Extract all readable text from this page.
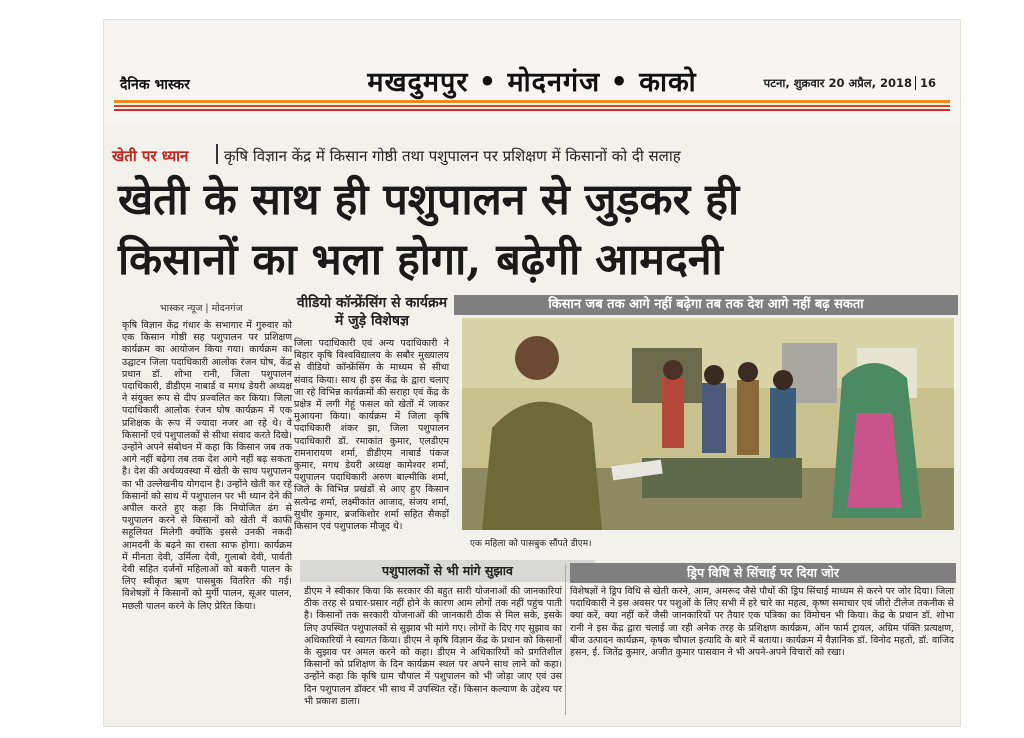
दैनिक भास्कर	मखदुमपुर • मोदनगंज • काको	पटना, शुक्रवार 20 अप्रैल, 2018 16
खेती पर ध्यान कृषि विज्ञान केंद्र में किसान गोष्ठी तथा पशुपालन पर प्रशिक्षण में किसानों को दी सलाह
खेती के साथ ही पशुपालन से जुड़कर ही
किसानों का भला होगा, बढ़ेगी आमदनी
भास्कर न्यूज | मोदनगंज

कृषि विज्ञान केंद्र गंधार के सभागार में गुरुवार को एक किसान गोष्ठी सह पशुपालन पर प्रशिक्षण कार्यक्रम का आयोजन किया गया। कार्यक्रम का उद्घाटन जिला पदाधिकारी आलोक रंजन घोष, केंद्र प्रधान डॉ. शोभा रानी, जिला पशुपालन पदाधिकारी, डीडीएम नाबार्ड व मगध डेयरी अध्यक्ष ने संयुक्त रूप से दीप प्रज्वलित कर किया। जिला पदाधिकारी आलोक रंजन घोष कार्यक्रम में एक प्रशिक्षक के रूप में ज्यादा नजर आ रहे थे। वे किसानों एवं पशुपालकों से सीधा संवाद करते दिखे। उन्होंने अपने संबोधन में कहा कि किसान जब तक आगे नहीं बढ़ेगा तब तक देश आगे नहीं बढ़ सकता है। देश की अर्थव्यवस्था में खेती के साथ पशुपालन का भी उल्लेखनीय योगदान है। उन्होंने खेती कर रहे किसानों को साथ में पशुपालन पर भी ध्यान देने की अपील करते हुए कहा कि नियोजित ढंग से पशुपालन करने से किसानों को खेती में काफी सहूलियत मिलेगी क्योंकि इससे उनकी नकदी आमदनी के बढ़ने का रास्ता साफ होगा। कार्यक्रम में मीनता देवी, उर्मिला देवी, गुलाबो देवी, पार्वती देवी सहित दर्जनों महिलाओं को बकरी पालन के लिए स्वीकृत ऋण पासबुक वितरित की गई। विशेषज्ञों ने किसानों को मुर्गी पालन, सूअर पालन, मछली पालन करने के लिए प्रेरित किया।

वीडियो कॉन्फ्रेंसिंग से कार्यक्रम में जुड़े विशेषज्ञ

जिला पदाधिकारी एवं अन्य पदाधिकारी ने बिहार कृषि विश्वविद्यालय के सबौर मुख्यालय से वीडियो कॉन्फ्रेंसिंग के माध्यम से सीधा संवाद किया। साथ ही इस केंद्र के द्वारा चलाए जा रहे विभिन्न कार्यक्रमों की सराहा एवं केंद्र के प्रक्षेत्र में लगी गेहूं फसल को खेतों में जाकर मुआयना किया। कार्यक्रम में जिला कृषि पदाधिकारी शंकर झा, जिला पशुपालन पदाधिकारी डॉ. रमाकांत कुमार, एलडीएम रामनारायण शर्मा, डीडीएम नाबार्ड पंकज कुमार, मगध डेयरी अध्यक्ष कामेश्वर शर्मा, पशुपालन पदाधिकारी अरुण बाल्मीकि शर्मा, जिले के विभिन्न प्रखंडों से आए हुए किसान सत्येन्द्र शर्मा, लक्ष्मीकांत आजाद, संजय शर्मा, सुधीर कुमार, ब्रजकिशोर शर्मा सहित सैकड़ों किसान एवं पशुपालक मौजूद थे।

किसान जब तक आगे नहीं बढ़ेगा तब तक देश आगे नहीं बढ़ सकता
एक महिला को पासबुक सौंपते डीएम।
पशुपालकों से भी मांगे सुझाव

डीएम ने स्वीकार किया कि सरकार की बहुत सारी योजनाओं की जानकारियां ठीक तरह से प्रचार-प्रसार नहीं होने के कारण आम लोगों तक नहीं पहुंच पाती है। किसानों तक सरकारी योजनाओं की जानकारी ठीक से मिल सके, इसके लिए उपस्थित पशुपालकों से सुझाव भी मांगे गए। लोगों के दिए गए सुझाव का अधिकारियों ने स्वागत किया। डीएम ने कृषि विज्ञान केंद्र के प्रधान को किसानों के सुझाव पर अमल करने को कहा। डीएम ने अधिकारियों को प्रगतिशील किसानों को प्रशिक्षण के दिन कार्यक्रम स्थल पर अपने साथ लाने को कहा। उन्होंने कहा कि कृषि ग्राम चौपाल में पशुपालन को भी जोड़ा जाए एवं उस दिन पशुपालन डॉक्टर भी साथ में उपस्थित रहें। किसान कल्याण के उद्देश्य पर भी प्रकाश डाला।

ड्रिप विधि से सिंचाई पर दिया जोर

विशेषज्ञों ने ड्रिप विधि से खेती करने, आम, अमरूद जैसे पौधों की ड्रिप सिंचाई माध्यम से करने पर जोर दिया। जिला पदाधिकारी ने इस अवसर पर पशुओं के लिए सभी में हरे चारे का महत्व, कृष्ण समाचार एवं जीरो टीलेज तकनीक से क्या करें, क्या नहीं करें जैसी जानकारियों पर तैयार एक पत्रिका का विमोचन भी किया। केंद्र के प्रधान डॉ. शोभा रानी ने इस केंद्र द्वारा चलाई जा रही अनेक तरह के प्रशिक्षण कार्यक्रम, ऑन फार्म ट्रायल, अग्रिम पंक्ति प्रत्यक्षण, बीज उत्पादन कार्यक्रम, कृषक चौपाल इत्यादि के बारे में बताया। कार्यक्रम में वैज्ञानिक डॉ. विनोद महतो, डॉ. वाजिद हसन, ई. जितेंद्र कुमार, अजीत कुमार पासवान ने भी अपने-अपने विचारों को रखा।
